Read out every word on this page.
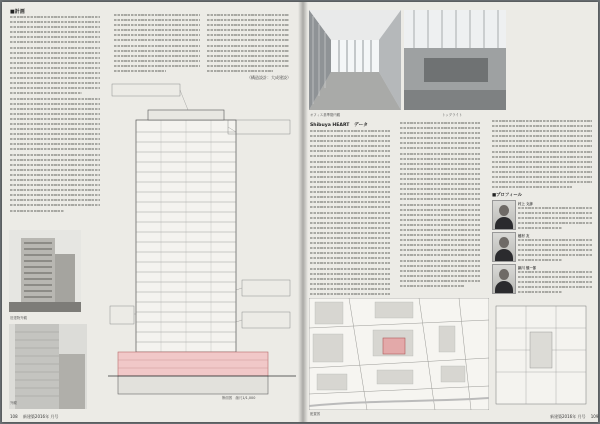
■計画
（構造設計：大成建設）
旧建物外観
外観
断面図　縮尺1/1,000
108 新建築2016年 月号
オフィス基準階内観	トップライト
Shibuya HEART　データ
■プロフィール
村上 文彦
植村 友
細川 慎一郎
配置図	新建築2016年 月号 109
